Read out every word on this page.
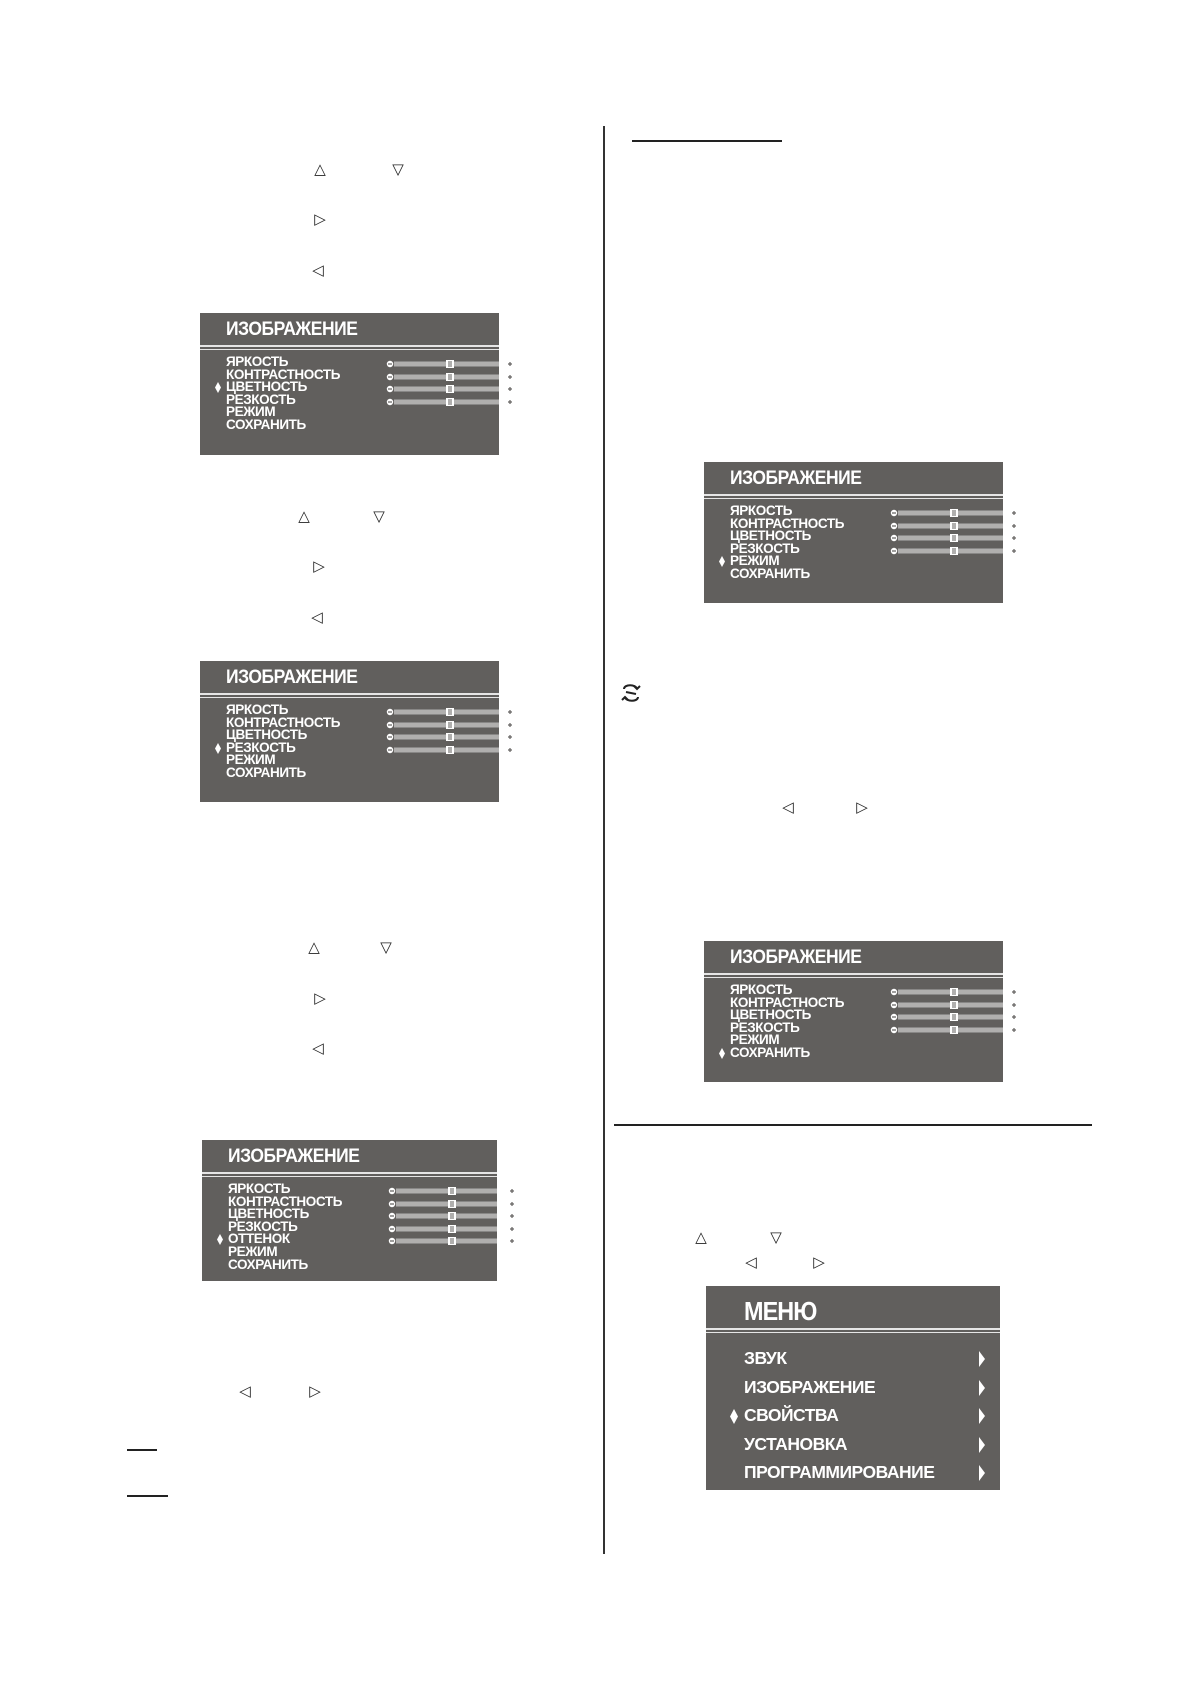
△	▽
▷
◁
ИЗОБРАЖЕНИЕ
ЯРКОСТЬ
КОНТРАСТНОСТЬ
ЦВЕТНОСТЬ
РЕЗКОСТЬ
РЕЖИМ
СОХРАНИТЬ
△	▽
▷
◁
ИЗОБРАЖЕНИЕ
ЯРКОСТЬ
КОНТРАСТНОСТЬ
ЦВЕТНОСТЬ
РЕЗКОСТЬ
РЕЖИМ
СОХРАНИТЬ
△	▽
▷
◁
ИЗОБРАЖЕНИЕ
ЯРКОСТЬ
КОНТРАСТНОСТЬ
ЦВЕТНОСТЬ
РЕЗКОСТЬ
ОТТЕНОК
РЕЖИМ
СОХРАНИТЬ
◁	▷
ИЗОБРАЖЕНИЕ
ЯРКОСТЬ
КОНТРАСТНОСТЬ
ЦВЕТНОСТЬ
РЕЗКОСТЬ
РЕЖИМ
СОХРАНИТЬ
◁	▷
ИЗОБРАЖЕНИЕ
ЯРКОСТЬ
КОНТРАСТНОСТЬ
ЦВЕТНОСТЬ
РЕЗКОСТЬ
РЕЖИМ
СОХРАНИТЬ
△	▽
◁	▷
МЕНЮ
ЗВУК
ИЗОБРАЖЕНИЕ
СВОЙСТВА
УСТАНОВКА
ПРОГРАММИРОВАНИЕ
